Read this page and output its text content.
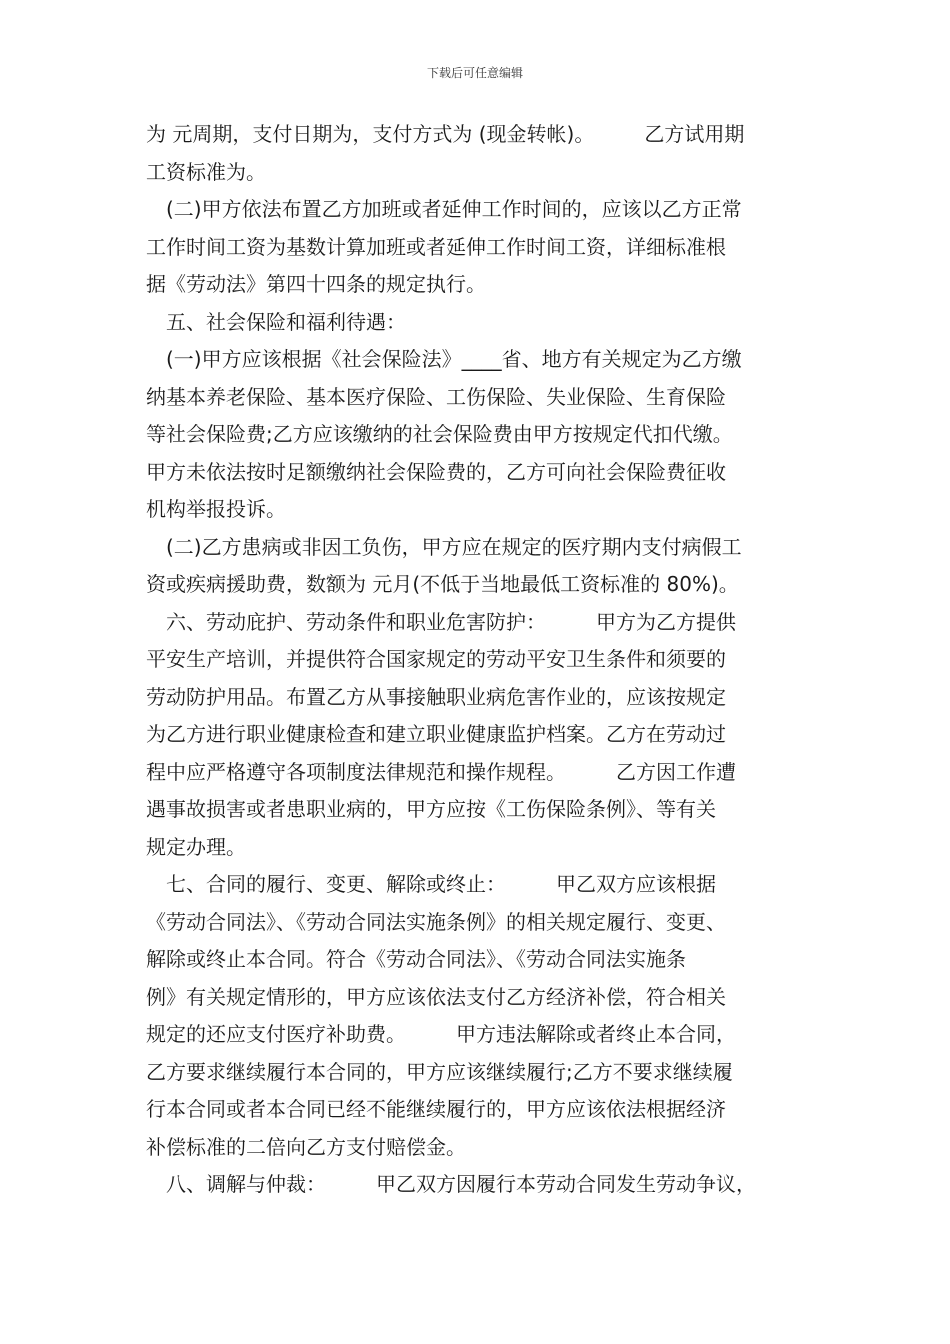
下载后可任意编辑
为 元周期，支付日期为，支付方式为 (现金转帐)。　　　乙方试用期
工资标准为。
　(二)甲方依法布置乙方加班或者延伸工作时间的，应该以乙方正常
工作时间工资为基数计算加班或者延伸工作时间工资，详细标准根
据《劳动法》第四十四条的规定执行。
　五、社会保险和福利待遇：
　(一)甲方应该根据《社会保险法》____省、地方有关规定为乙方缴
纳基本养老保险、基本医疗保险、工伤保险、失业保险、生育保险
等社会保险费;乙方应该缴纳的社会保险费由甲方按规定代扣代缴。
甲方未依法按时足额缴纳社会保险费的，乙方可向社会保险费征收
机构举报投诉。
　(二)乙方患病或非因工负伤，甲方应在规定的医疗期内支付病假工
资或疾病援助费，数额为 元月(不低于当地最低工资标准的 80%)。
　六、劳动庇护、劳动条件和职业危害防护：　　　甲方为乙方提供
平安生产培训，并提供符合国家规定的劳动平安卫生条件和须要的
劳动防护用品。布置乙方从事接触职业病危害作业的，应该按规定
为乙方进行职业健康检查和建立职业健康监护档案。乙方在劳动过
程中应严格遵守各项制度法律规范和操作规程。　　　乙方因工作遭
遇事故损害或者患职业病的，甲方应按《工伤保险条例》、等有关
规定办理。
　七、合同的履行、变更、解除或终止：　　　甲乙双方应该根据
《劳动合同法》、《劳动合同法实施条例》的相关规定履行、变更、
解除或终止本合同。符合《劳动合同法》、《劳动合同法实施条
例》有关规定情形的，甲方应该依法支付乙方经济补偿，符合相关
规定的还应支付医疗补助费。　　　甲方违法解除或者终止本合同，
乙方要求继续履行本合同的，甲方应该继续履行;乙方不要求继续履
行本合同或者本合同已经不能继续履行的，甲方应该依法根据经济
补偿标准的二倍向乙方支付赔偿金。
　八、调解与仲裁：　　　甲乙双方因履行本劳动合同发生劳动争议，
